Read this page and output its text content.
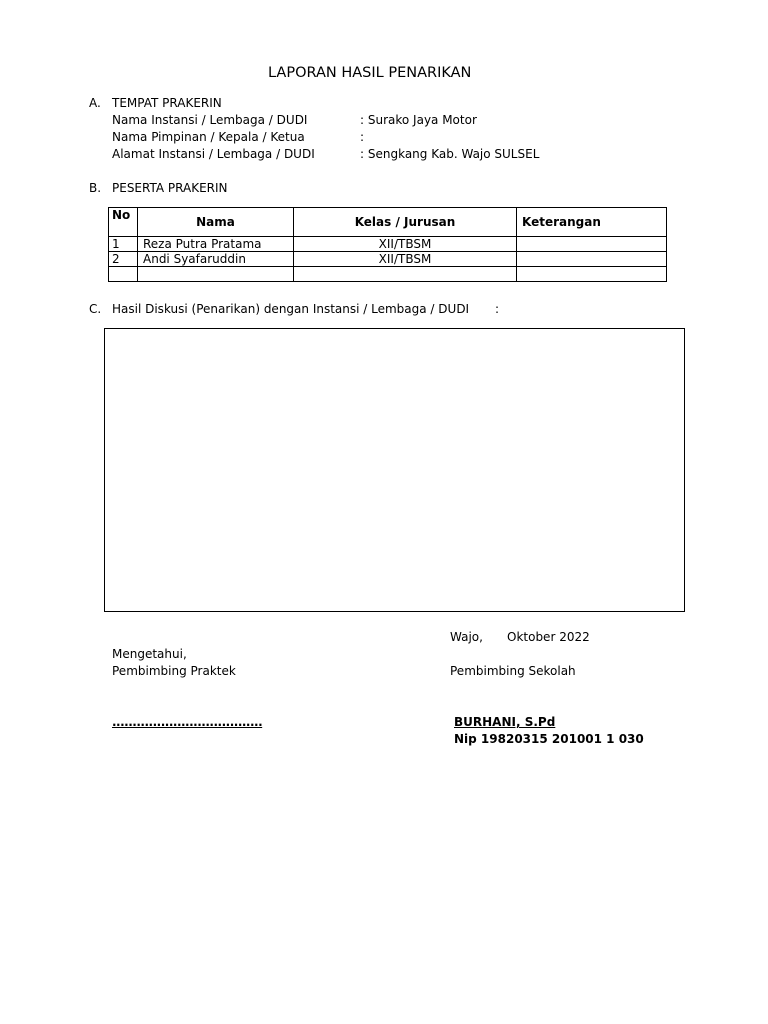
LAPORAN HASIL PENARIKAN
A. TEMPAT PRAKERIN
Nama Instansi / Lembaga / DUDI	: Surako Jaya Motor
Nama Pimpinan / Kepala / Ketua	:
Alamat Instansi / Lembaga / DUDI	: Sengkang Kab. Wajo SULSEL
B. PESERTA PRAKERIN
No	Nama	Kelas / Jurusan	Keterangan
1	Reza Putra Pratama	XII/TBSM	
2	Andi Syafaruddin	XII/TBSM	

C. Hasil Diskusi (Penarikan) dengan Instansi / Lembaga / DUDI :
Wajo, Oktober 2022
Mengetahui,
Pembimbing Praktek	Pembimbing Sekolah
.....................................	BURHANI, S.Pd
Nip 19820315 201001 1 030
